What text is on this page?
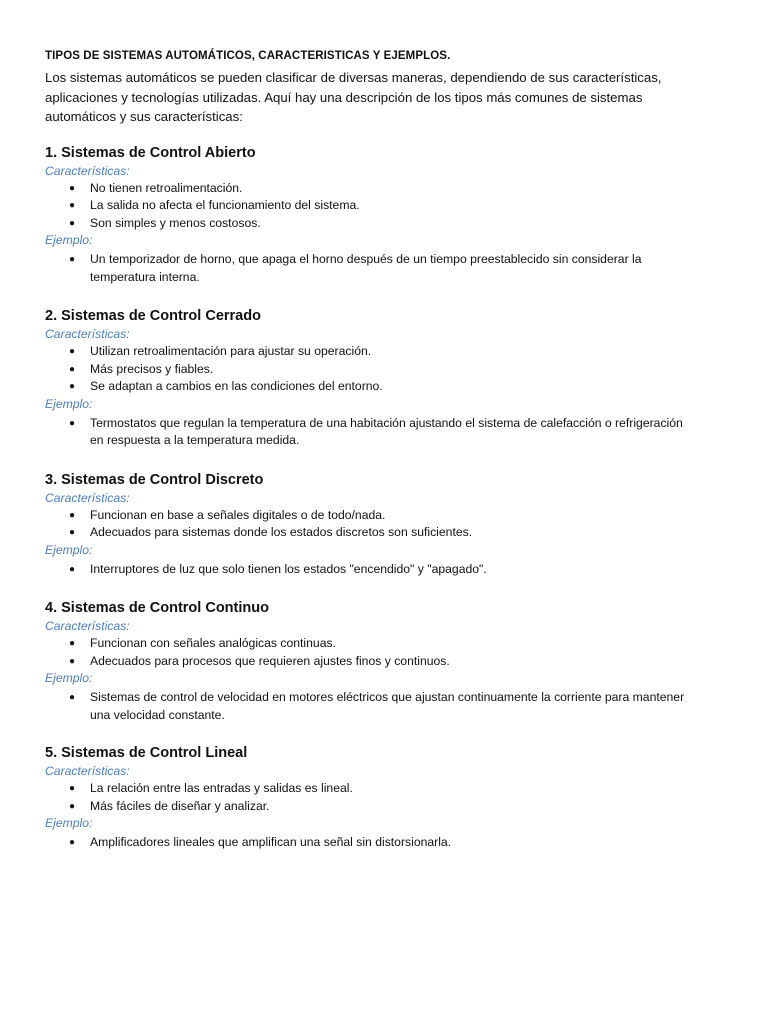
TIPOS DE SISTEMAS AUTOMÁTICOS, CARACTERISTICAS Y EJEMPLOS.
Los sistemas automáticos se pueden clasificar de diversas maneras, dependiendo de sus características,
aplicaciones y tecnologías utilizadas. Aquí hay una descripción de los tipos más comunes de sistemas
automáticos y sus características:
1. Sistemas de Control Abierto
Características:
● No tienen retroalimentación.
● La salida no afecta el funcionamiento del sistema.
● Son simples y menos costosos.
Ejemplo:
● Un temporizador de horno, que apaga el horno después de un tiempo preestablecido sin considerar la
temperatura interna.
2. Sistemas de Control Cerrado
Características:
● Utilizan retroalimentación para ajustar su operación.
● Más precisos y fiables.
● Se adaptan a cambios en las condiciones del entorno.
Ejemplo:
● Termostatos que regulan la temperatura de una habitación ajustando el sistema de calefacción o refrigeración
en respuesta a la temperatura medida.
3. Sistemas de Control Discreto
Características:
● Funcionan en base a señales digitales o de todo/nada.
● Adecuados para sistemas donde los estados discretos son suficientes.
Ejemplo:
● Interruptores de luz que solo tienen los estados "encendido" y "apagado".
4. Sistemas de Control Continuo
Características:
● Funcionan con señales analógicas continuas.
● Adecuados para procesos que requieren ajustes finos y continuos.
Ejemplo:
● Sistemas de control de velocidad en motores eléctricos que ajustan continuamente la corriente para mantener
una velocidad constante.
5. Sistemas de Control Lineal
Características:
● La relación entre las entradas y salidas es lineal.
● Más fáciles de diseñar y analizar.
Ejemplo:
● Amplificadores lineales que amplifican una señal sin distorsionarla.
